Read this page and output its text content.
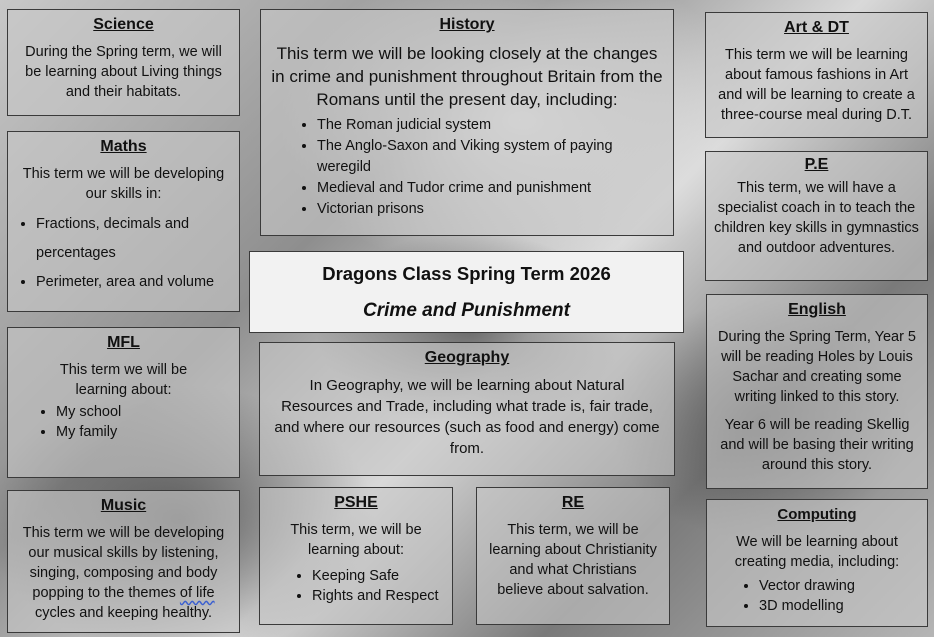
Science

During the Spring term, we will be learning about Living things and their habitats.

Maths

This term we will be developing our skills in:

• Fractions, decimals and percentages
• Perimeter, area and volume
MFL

This term we will be learning about:

• My school
• My family
Music

This term we will be developing our musical skills by listening, singing, composing and body popping to the themes of life cycles and keeping healthy.

History

This term we will be looking closely at the changes in crime and punishment throughout Britain from the Romans until the present day, including:

• The Roman judicial system
• The Anglo-Saxon and Viking system of paying weregild
• Medieval and Tudor crime and punishment
• Victorian prisons
Dragons Class Spring Term 2026
Crime and Punishment
Geography

In Geography, we will be learning about Natural Resources and Trade, including what trade is, fair trade, and where our resources (such as food and energy) come from.

PSHE

This term, we will be learning about:

• Keeping Safe
• Rights and Respect
RE

This term, we will be learning about Christianity and what Christians believe about salvation.

Art & DT

This term we will be learning about famous fashions in Art and will be learning to create a three-course meal during D.T.

P.E

This term, we will have a specialist coach in to teach the children key skills in gymnastics and outdoor adventures.

English

During the Spring Term, Year 5 will be reading Holes by Louis Sachar and creating some writing linked to this story.

Year 6 will be reading Skellig and will be basing their writing around this story.

Computing

We will be learning about creating media, including:

• Vector drawing
• 3D modelling
